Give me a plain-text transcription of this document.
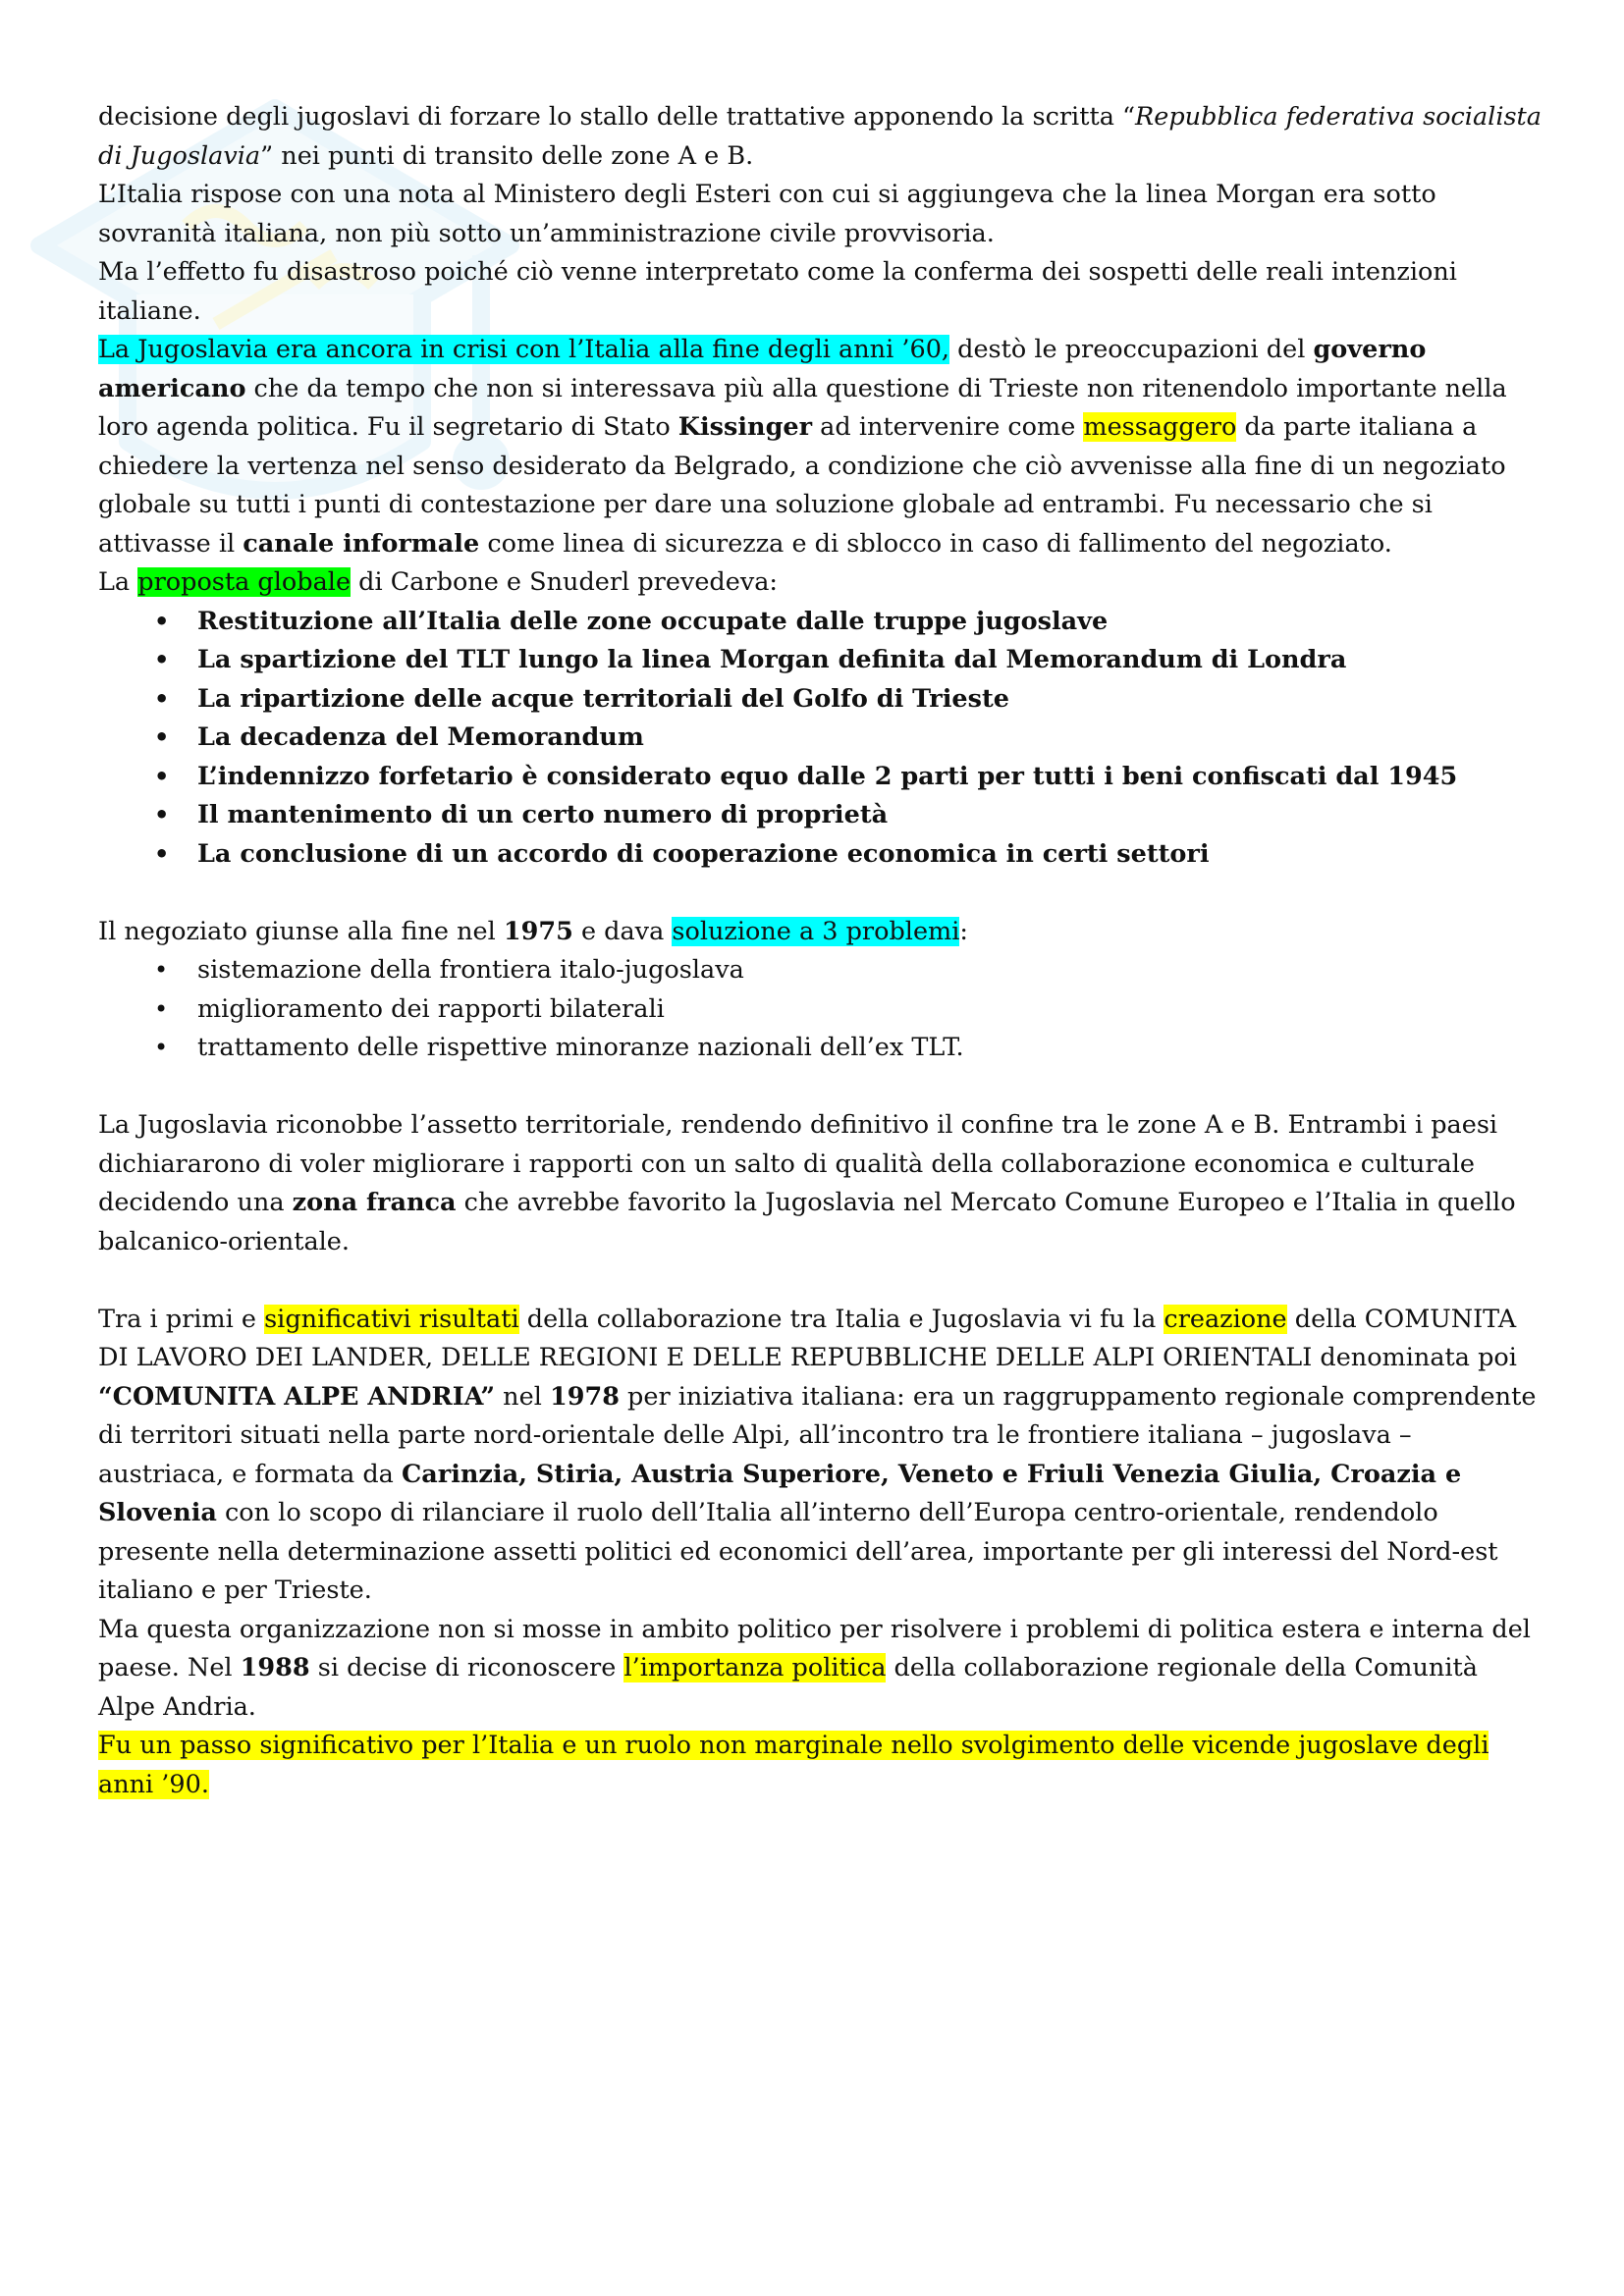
decisione degli jugoslavi di forzare lo stallo delle trattative apponendo la scritta “Repubblica federativa socialista di Jugoslavia” nei punti di transito delle zone A e B.

L’Italia rispose con una nota al Ministero degli Esteri con cui si aggiungeva che la linea Morgan era sotto sovranità italiana, non più sotto un’amministrazione civile provvisoria.

Ma l’effetto fu disastroso poiché ciò venne interpretato come la conferma dei sospetti delle reali intenzioni italiane.

La Jugoslavia era ancora in crisi con l’Italia alla fine degli anni ’60, destò le preoccupazioni del governo americano che da tempo che non si interessava più alla questione di Trieste non ritenendolo importante nella loro agenda politica. Fu il segretario di Stato Kissinger ad intervenire come messaggero da parte italiana a chiedere la vertenza nel senso desiderato da Belgrado, a condizione che ciò avvenisse alla fine di un negoziato globale su tutti i punti di contestazione per dare una soluzione globale ad entrambi. Fu necessario che si attivasse il canale informale come linea di sicurezza e di sblocco in caso di fallimento del negoziato.

La proposta globale di Carbone e Snuderl prevedeva:

• Restituzione all’Italia delle zone occupate dalle truppe jugoslave
• La spartizione del TLT lungo la linea Morgan definita dal Memorandum di Londra
• La ripartizione delle acque territoriali del Golfo di Trieste
• La decadenza del Memorandum
• L’indennizzo forfetario è considerato equo dalle 2 parti per tutti i beni confiscati dal 1945
• Il mantenimento di un certo numero di proprietà
• La conclusione di un accordo di cooperazione economica in certi settori

Il negoziato giunse alla fine nel 1975 e dava soluzione a 3 problemi:

• sistemazione della frontiera italo-jugoslava
• miglioramento dei rapporti bilaterali
• trattamento delle rispettive minoranze nazionali dell’ex TLT.

La Jugoslavia riconobbe l’assetto territoriale, rendendo definitivo il confine tra le zone A e B. Entrambi i paesi dichiararono di voler migliorare i rapporti con un salto di qualità della collaborazione economica e culturale decidendo una zona franca che avrebbe favorito la Jugoslavia nel Mercato Comune Europeo e l’Italia in quello balcanico-orientale.

Tra i primi e significativi risultati della collaborazione tra Italia e Jugoslavia vi fu la creazione della COMUNITA DI LAVORO DEI LANDER, DELLE REGIONI E DELLE REPUBBLICHE DELLE ALPI ORIENTALI denominata poi “COMUNITA ALPE ANDRIA” nel 1978 per iniziativa italiana: era un raggruppamento regionale comprendente di territori situati nella parte nord-orientale delle Alpi, all’incontro tra le frontiere italiana – jugoslava – austriaca, e formata da Carinzia, Stiria, Austria Superiore, Veneto e Friuli Venezia Giulia, Croazia e Slovenia con lo scopo di rilanciare il ruolo dell’Italia all’interno dell’Europa centro-orientale, rendendolo presente nella determinazione assetti politici ed economici dell’area, importante per gli interessi del Nord-est italiano e per Trieste.

Ma questa organizzazione non si mosse in ambito politico per risolvere i problemi di politica estera e interna del paese. Nel 1988 si decise di riconoscere l’importanza politica della collaborazione regionale della Comunità Alpe Andria.

Fu un passo significativo per l’Italia e un ruolo non marginale nello svolgimento delle vicende jugoslave degli anni ’90.
